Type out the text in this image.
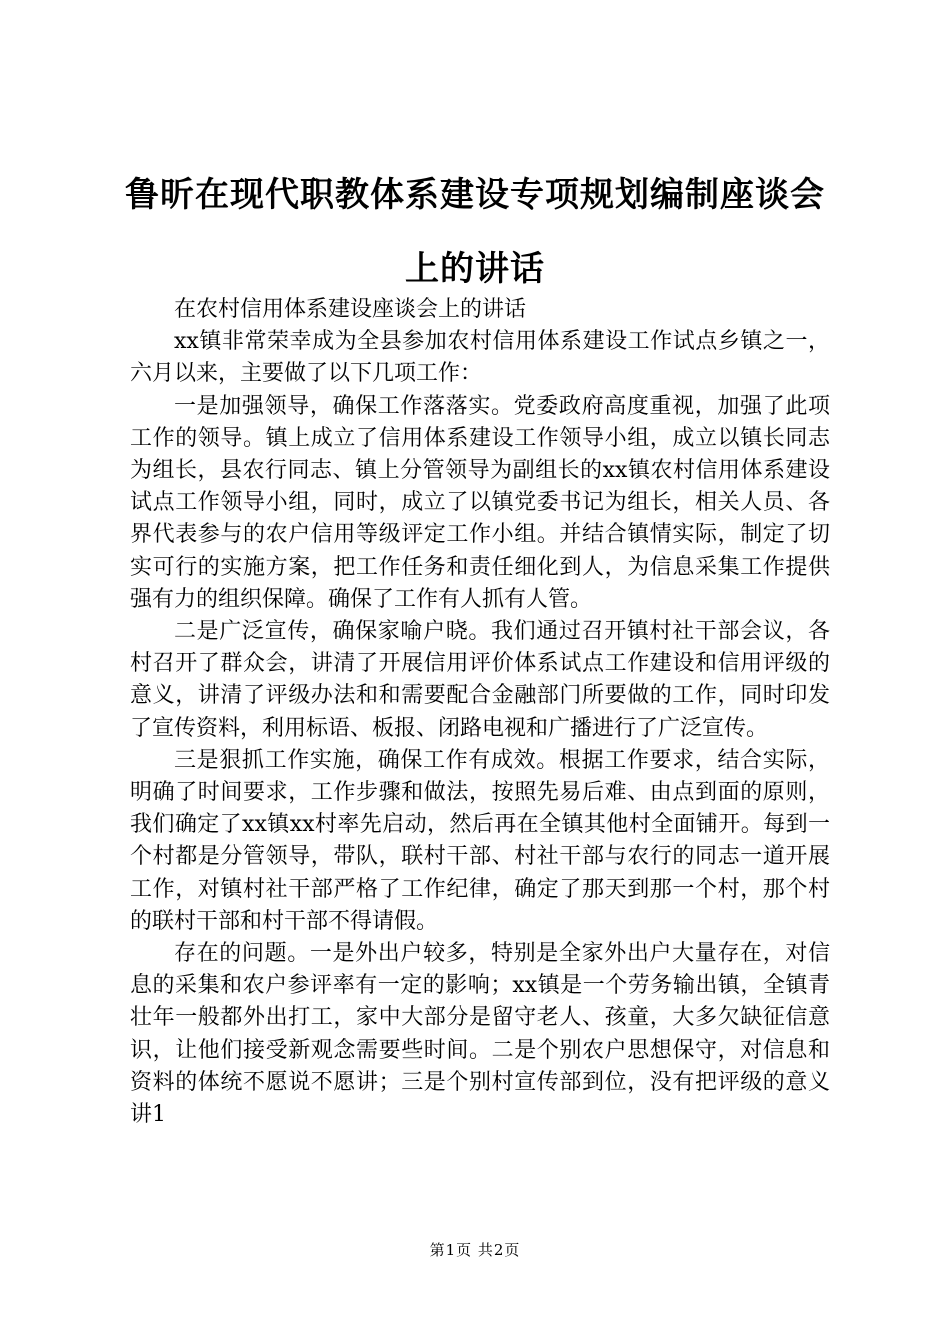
鲁昕在现代职教体系建设专项规划编制座谈会
上的讲话

在农村信用体系建设座谈会上的讲话

xx镇非常荣幸成为全县参加农村信用体系建设工作试点乡镇之一，六月以来，主要做了以下几项工作：

一是加强领导，确保工作落落实。党委政府高度重视，加强了此项工作的领导。镇上成立了信用体系建设工作领导小组，成立以镇长同志为组长，县农行同志、镇上分管领导为副组长的xx镇农村信用体系建设试点工作领导小组，同时，成立了以镇党委书记为组长，相关人员、各界代表参与的农户信用等级评定工作小组。并结合镇情实际，制定了切实可行的实施方案，把工作任务和责任细化到人，为信息采集工作提供强有力的组织保障。确保了工作有人抓有人管。

二是广泛宣传，确保家喻户晓。我们通过召开镇村社干部会议，各村召开了群众会，讲清了开展信用评价体系试点工作建设和信用评级的意义，讲清了评级办法和和需要配合金融部门所要做的工作，同时印发了宣传资料，利用标语、板报、闭路电视和广播进行了广泛宣传。

三是狠抓工作实施，确保工作有成效。根据工作要求，结合实际，明确了时间要求，工作步骤和做法，按照先易后难、由点到面的原则，我们确定了xx镇xx村率先启动，然后再在全镇其他村全面铺开。每到一个村都是分管领导，带队，联村干部、村社干部与农行的同志一道开展工作，对镇村社干部严格了工作纪律，确定了那天到那一个村，那个村的联村干部和村干部不得请假。

存在的问题。一是外出户较多，特别是全家外出户大量存在，对信息的采集和农户参评率有一定的影响；xx镇是一个劳务输出镇，全镇青壮年一般都外出打工，家中大部分是留守老人、孩童，大多欠缺征信意识，让他们接受新观念需要些时间。二是个别农户思想保守，对信息和资料的体统不愿说不愿讲；三是个别村宣传部到位，没有把评级的意义讲1

第1页 共2页
